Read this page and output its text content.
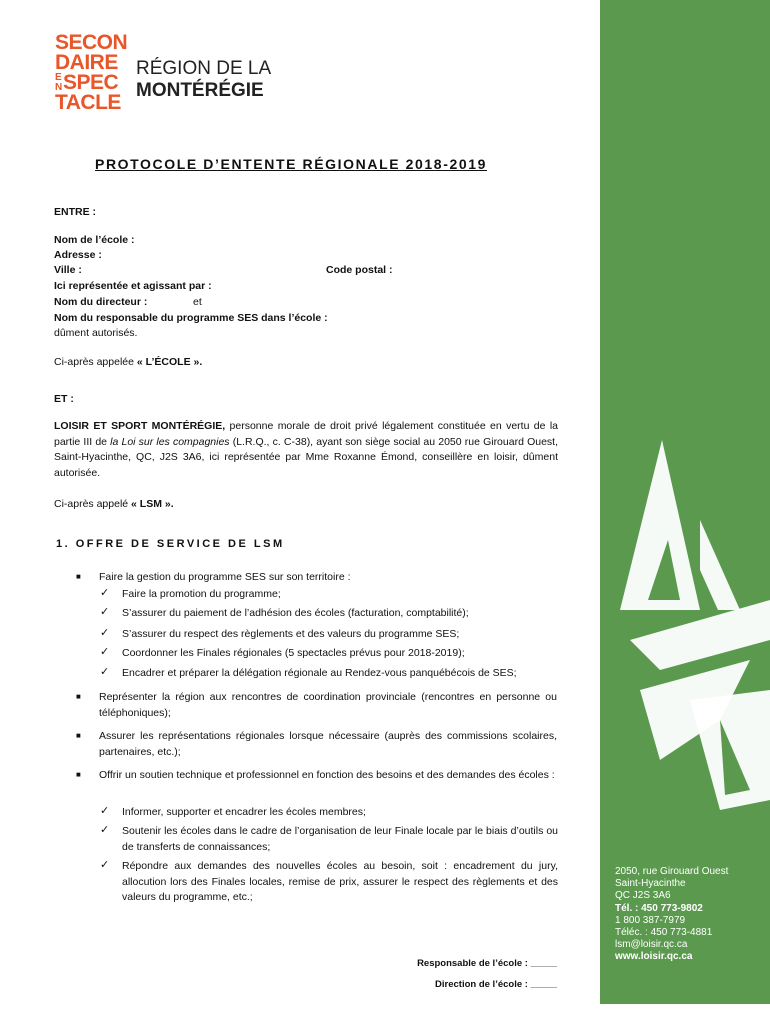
2050, rue Girouard Ouest
Saint-Hyacinthe
QC J2S 3A6
Tél. : 450 773-9802
1 800 387-7979
Téléc. : 450 773-4881
lsm@loisir.qc.ca
www.loisir.qc.ca
SECON
DAIRE
E
NSPEC
TACLE
RÉGION DE LA
MONTÉRÉGIE
PROTOCOLE D’ENTENTE RÉGIONALE 2018-2019
ENTRE :
Nom de l’école :
Adresse :
Ville :	Code postal :
Ici représentée et agissant par :
Nom du directeur :	et
Nom du responsable du programme SES dans l’école :
dûment autorisés.
Ci-après appelée « L’ÉCOLE ».
ET :
LOISIR ET SPORT MONTÉRÉGIE, personne morale de droit privé légalement constituée en vertu de la partie III de la Loi sur les compagnies (L.R.Q., c. C-38), ayant son siège social au 2050 rue Girouard Ouest, Saint-Hyacinthe, QC, J2S 3A6, ici représentée par Mme Roxanne Émond, conseillère en loisir, dûment autorisée.
Ci-après appelé « LSM ».
1. OFFRE DE SERVICE DE LSM
■ Faire la gestion du programme SES sur son territoire :
✓ Faire la promotion du programme;
✓ S’assurer du paiement de l’adhésion des écoles (facturation, comptabilité);
✓ S’assurer du respect des règlements et des valeurs du programme SES;
✓ Coordonner les Finales régionales (5 spectacles prévus pour 2018-2019);
✓ Encadrer et préparer la délégation régionale au Rendez-vous panquébécois de SES;
■ Représenter la région aux rencontres de coordination provinciale (rencontres en personne ou téléphoniques);
■ Assurer les représentations régionales lorsque nécessaire (auprès des commissions scolaires, partenaires, etc.);
■ Offrir un soutien technique et professionnel en fonction des besoins et des demandes des écoles :
✓ Informer, supporter et encadrer les écoles membres;
✓ Soutenir les écoles dans le cadre de l’organisation de leur Finale locale par le biais d’outils ou de transferts de connaissances;
✓ Répondre aux demandes des nouvelles écoles au besoin, soit : encadrement du jury, allocution lors des Finales locales, remise de prix, assurer le respect des règlements et des valeurs du programme, etc.;
Responsable de l’école : _____
Direction de l’école : _____
